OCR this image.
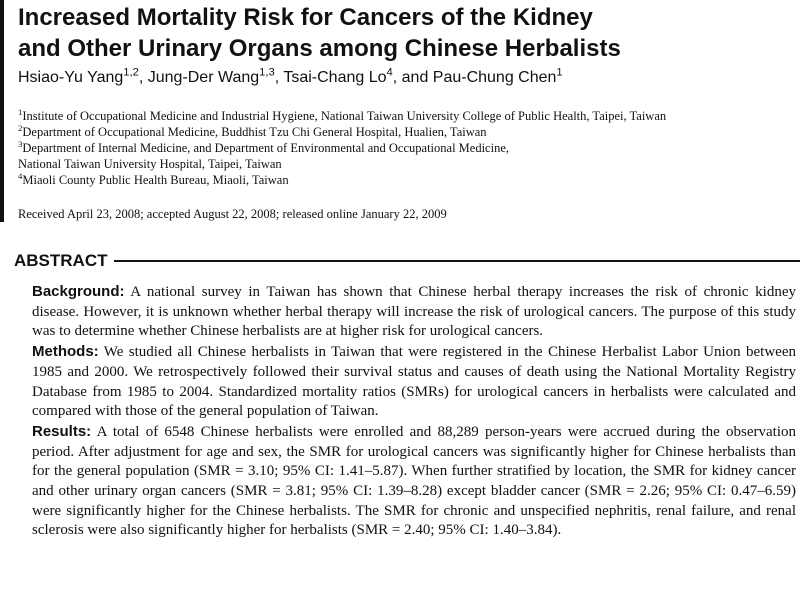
Increased Mortality Risk for Cancers of the Kidney
and Other Urinary Organs among Chinese Herbalists
Hsiao-Yu Yang$^{1,2}$, Jung-Der Wang$^{1,3}$, Tsai-Chang Lo$^4$, and Pau-Chung Chen$^1$
$^1$Institute of Occupational Medicine and Industrial Hygiene, National Taiwan University College of Public Health, Taipei, Taiwan
$^2$Department of Occupational Medicine, Buddhist Tzu Chi General Hospital, Hualien, Taiwan
$^3$Department of Internal Medicine, and Department of Environmental and Occupational Medicine,
National Taiwan University Hospital, Taipei, Taiwan
$^4$Miaoli County Public Health Bureau, Miaoli, Taiwan
Received April 23, 2008; accepted August 22, 2008; released online January 22, 2009
ABSTRACT

Background: A national survey in Taiwan has shown that Chinese herbal therapy increases the risk of chronic kidney disease. However, it is unknown whether herbal therapy will increase the risk of urological cancers. The purpose of this study was to determine whether Chinese herbalists are at higher risk for urological cancers.

Methods: We studied all Chinese herbalists in Taiwan that were registered in the Chinese Herbalist Labor Union between 1985 and 2000. We retrospectively followed their survival status and causes of death using the National Mortality Registry Database from 1985 to 2004. Standardized mortality ratios (SMRs) for urological cancers in herbalists were calculated and compared with those of the general population of Taiwan.

Results: A total of 6548 Chinese herbalists were enrolled and 88,289 person-years were accrued during the observation period. After adjustment for age and sex, the SMR for urological cancers was significantly higher for Chinese herbalists than for the general population (SMR = 3.10; 95% CI: 1.41–5.87). When further stratified by location, the SMR for kidney cancer and other urinary organ cancers (SMR = 3.81; 95% CI: 1.39–8.28) except bladder cancer (SMR = 2.26; 95% CI: 0.47–6.59) were significantly higher for the Chinese herbalists. The SMR for chronic and unspecified nephritis, renal failure, and renal sclerosis were also significantly higher for herbalists (SMR = 2.40; 95% CI: 1.40–3.84).
